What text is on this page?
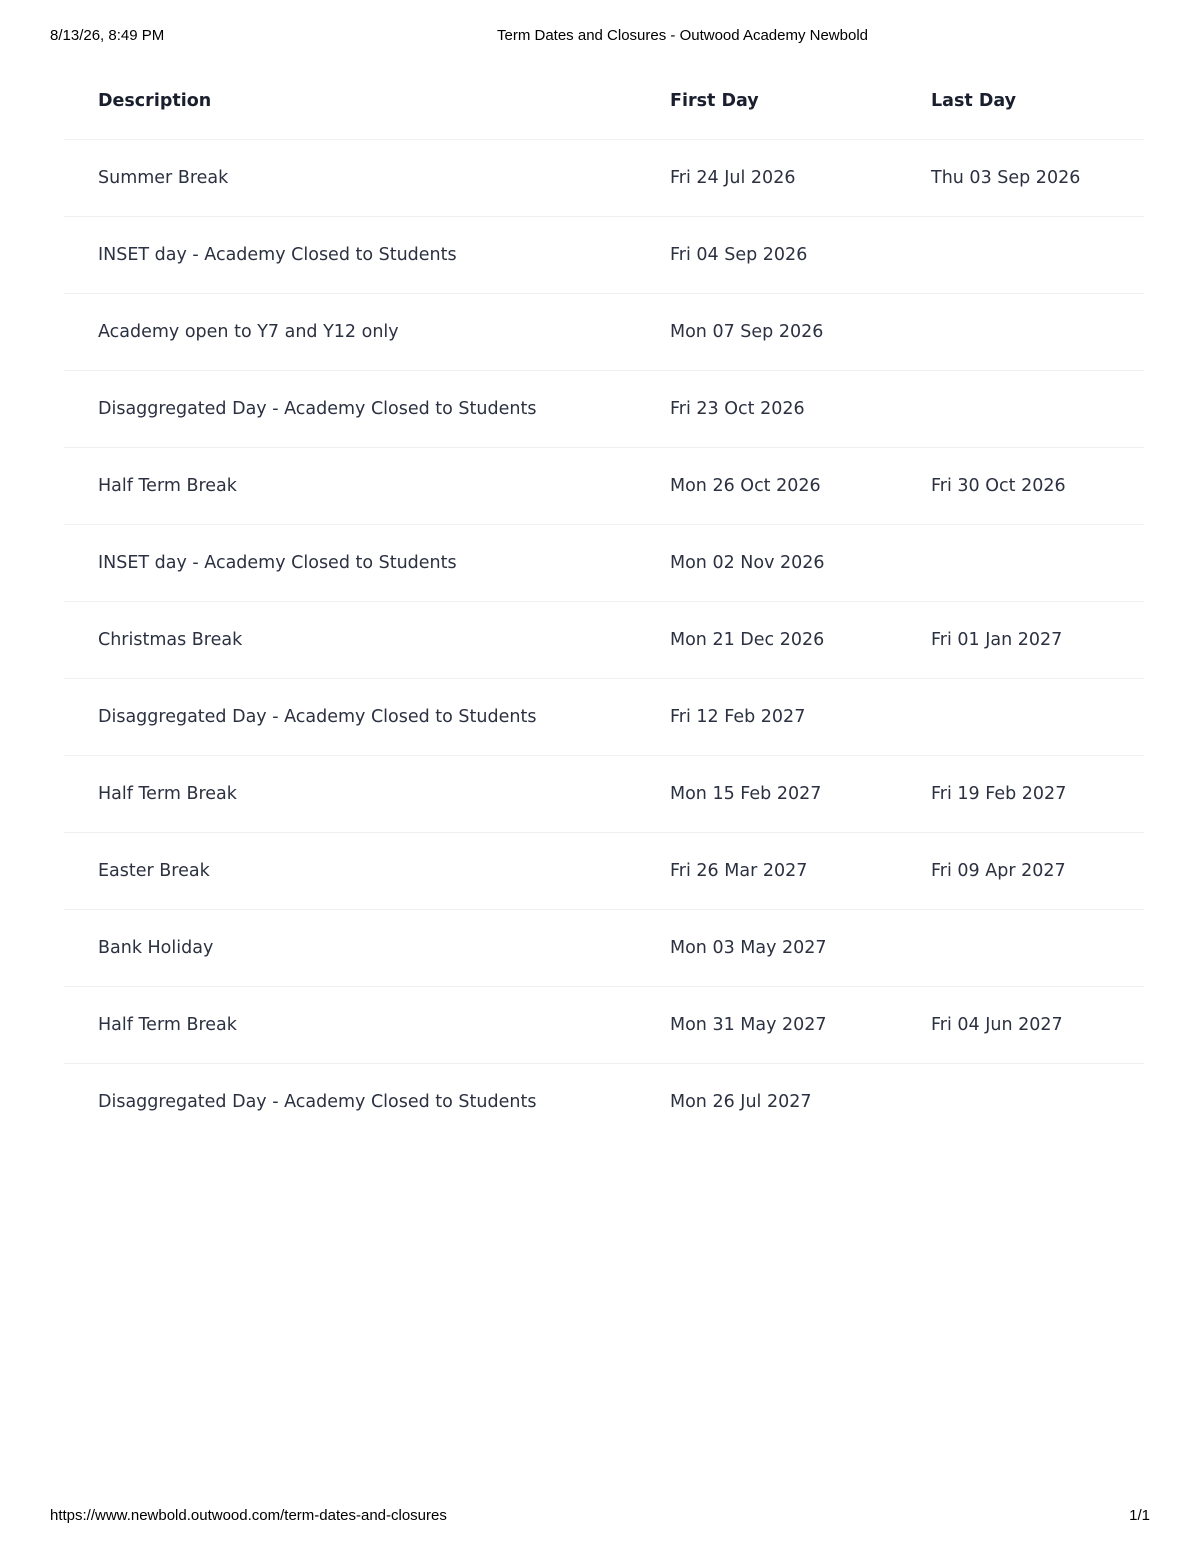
8/13/26, 8:49 PM	Term Dates and Closures - Outwood Academy Newbold
Description	First Day	Last Day
Summer Break	Fri 24 Jul 2026	Thu 03 Sep 2026
INSET day - Academy Closed to Students	Fri 04 Sep 2026	
Academy open to Y7 and Y12 only	Mon 07 Sep 2026	
Disaggregated Day - Academy Closed to Students	Fri 23 Oct 2026	
Half Term Break	Mon 26 Oct 2026	Fri 30 Oct 2026
INSET day - Academy Closed to Students	Mon 02 Nov 2026	
Christmas Break	Mon 21 Dec 2026	Fri 01 Jan 2027
Disaggregated Day - Academy Closed to Students	Fri 12 Feb 2027	
Half Term Break	Mon 15 Feb 2027	Fri 19 Feb 2027
Easter Break	Fri 26 Mar 2027	Fri 09 Apr 2027
Bank Holiday	Mon 03 May 2027	
Half Term Break	Mon 31 May 2027	Fri 04 Jun 2027
Disaggregated Day - Academy Closed to Students	Mon 26 Jul 2027	
https://www.newbold.outwood.com/term-dates-and-closures	1/1
